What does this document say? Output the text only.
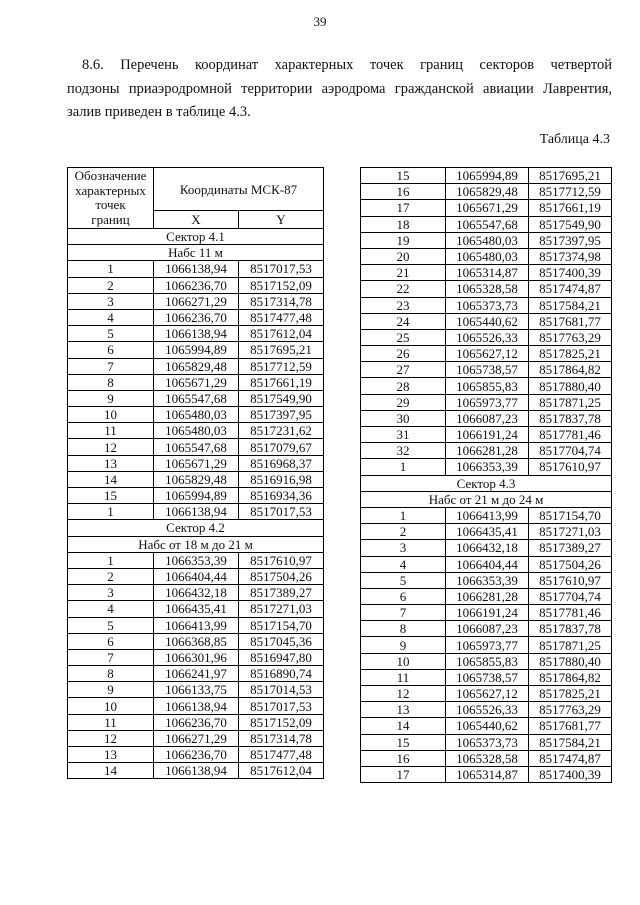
39
8.6. Перечень координат характерных точек границ секторов четвертой
подзоны приаэродромной территории аэродрома гражданской авиации Лаврентия,
залив приведен в таблице 4.3.
Таблица 4.3
Обозначение
характерных
точек
границ	Координаты МСК-87	
	X	Y
Сектор 4.1		
Набс 11 м		
1	1066138,94	8517017,53
2	1066236,70	8517152,09
3	1066271,29	8517314,78
4	1066236,70	8517477,48
5	1066138,94	8517612,04
6	1065994,89	8517695,21
7	1065829,48	8517712,59
8	1065671,29	8517661,19
9	1065547,68	8517549,90
10	1065480,03	8517397,95
11	1065480,03	8517231,62
12	1065547,68	8517079,67
13	1065671,29	8516968,37
14	1065829,48	8516916,98
15	1065994,89	8516934,36
1	1066138,94	8517017,53
Сектор 4.2		
Набс от 18 м до 21 м		
1	1066353,39	8517610,97
2	1066404,44	8517504,26
3	1066432,18	8517389,27
4	1066435,41	8517271,03
5	1066413,99	8517154,70
6	1066368,85	8517045,36
7	1066301,96	8516947,80
8	1066241,97	8516890,74
9	1066133,75	8517014,53
10	1066138,94	8517017,53
11	1066236,70	8517152,09
12	1066271,29	8517314,78
13	1066236,70	8517477,48
14	1066138,94	8517612,04
15	1065994,89	8517695,21
16	1065829,48	8517712,59
17	1065671,29	8517661,19
18	1065547,68	8517549,90
19	1065480,03	8517397,95
20	1065480,03	8517374,98
21	1065314,87	8517400,39
22	1065328,58	8517474,87
23	1065373,73	8517584,21
24	1065440,62	8517681,77
25	1065526,33	8517763,29
26	1065627,12	8517825,21
27	1065738,57	8517864,82
28	1065855,83	8517880,40
29	1065973,77	8517871,25
30	1066087,23	8517837,78
31	1066191,24	8517781,46
32	1066281,28	8517704,74
1	1066353,39	8517610,97
Сектор 4.3		
Набс от 21 м до 24 м		
1	1066413,99	8517154,70
2	1066435,41	8517271,03
3	1066432,18	8517389,27
4	1066404,44	8517504,26
5	1066353,39	8517610,97
6	1066281,28	8517704,74
7	1066191,24	8517781,46
8	1066087,23	8517837,78
9	1065973,77	8517871,25
10	1065855,83	8517880,40
11	1065738,57	8517864,82
12	1065627,12	8517825,21
13	1065526,33	8517763,29
14	1065440,62	8517681,77
15	1065373,73	8517584,21
16	1065328,58	8517474,87
17	1065314,87	8517400,39
